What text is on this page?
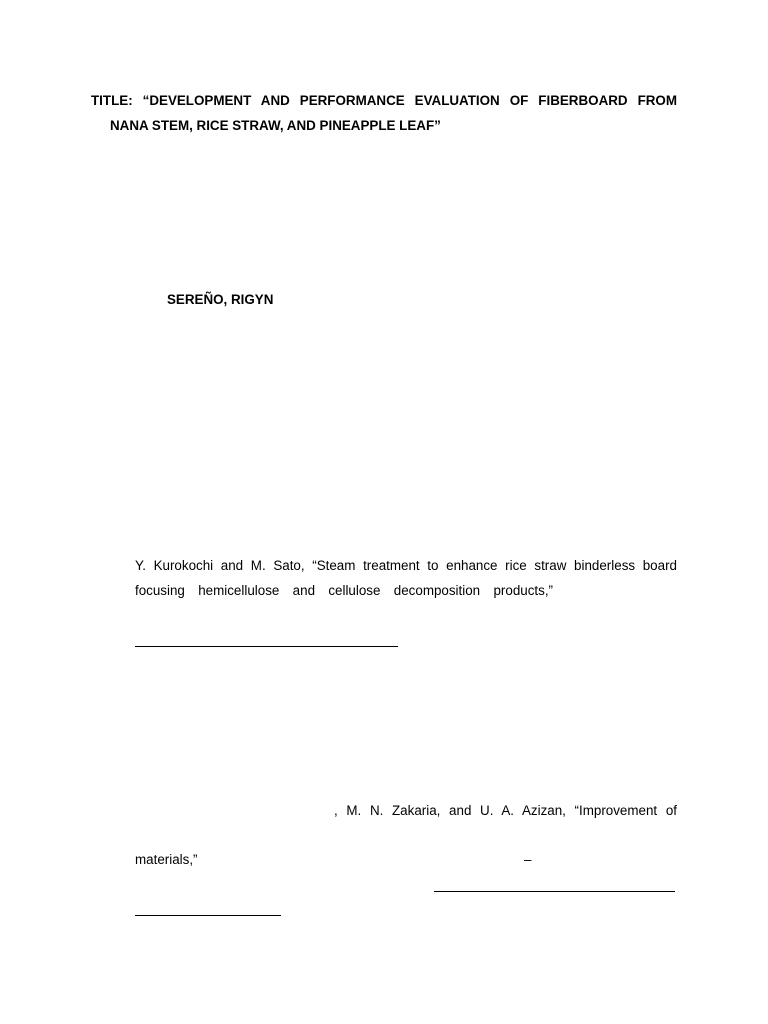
TITLE: “DEVELOPMENT AND PERFORMANCE EVALUATION OF FIBERBOARD FROM
NANA STEM, RICE STRAW, AND PINEAPPLE LEAF”
SEREÑO, RIGYN
Y. Kurokochi and M. Sato, “Steam treatment to enhance rice straw binderless board
focusing hemicellulose and cellulose decomposition products,”
, M. N. Zakaria, and U. A. Azizan, “Improvement of
materials,”	–
